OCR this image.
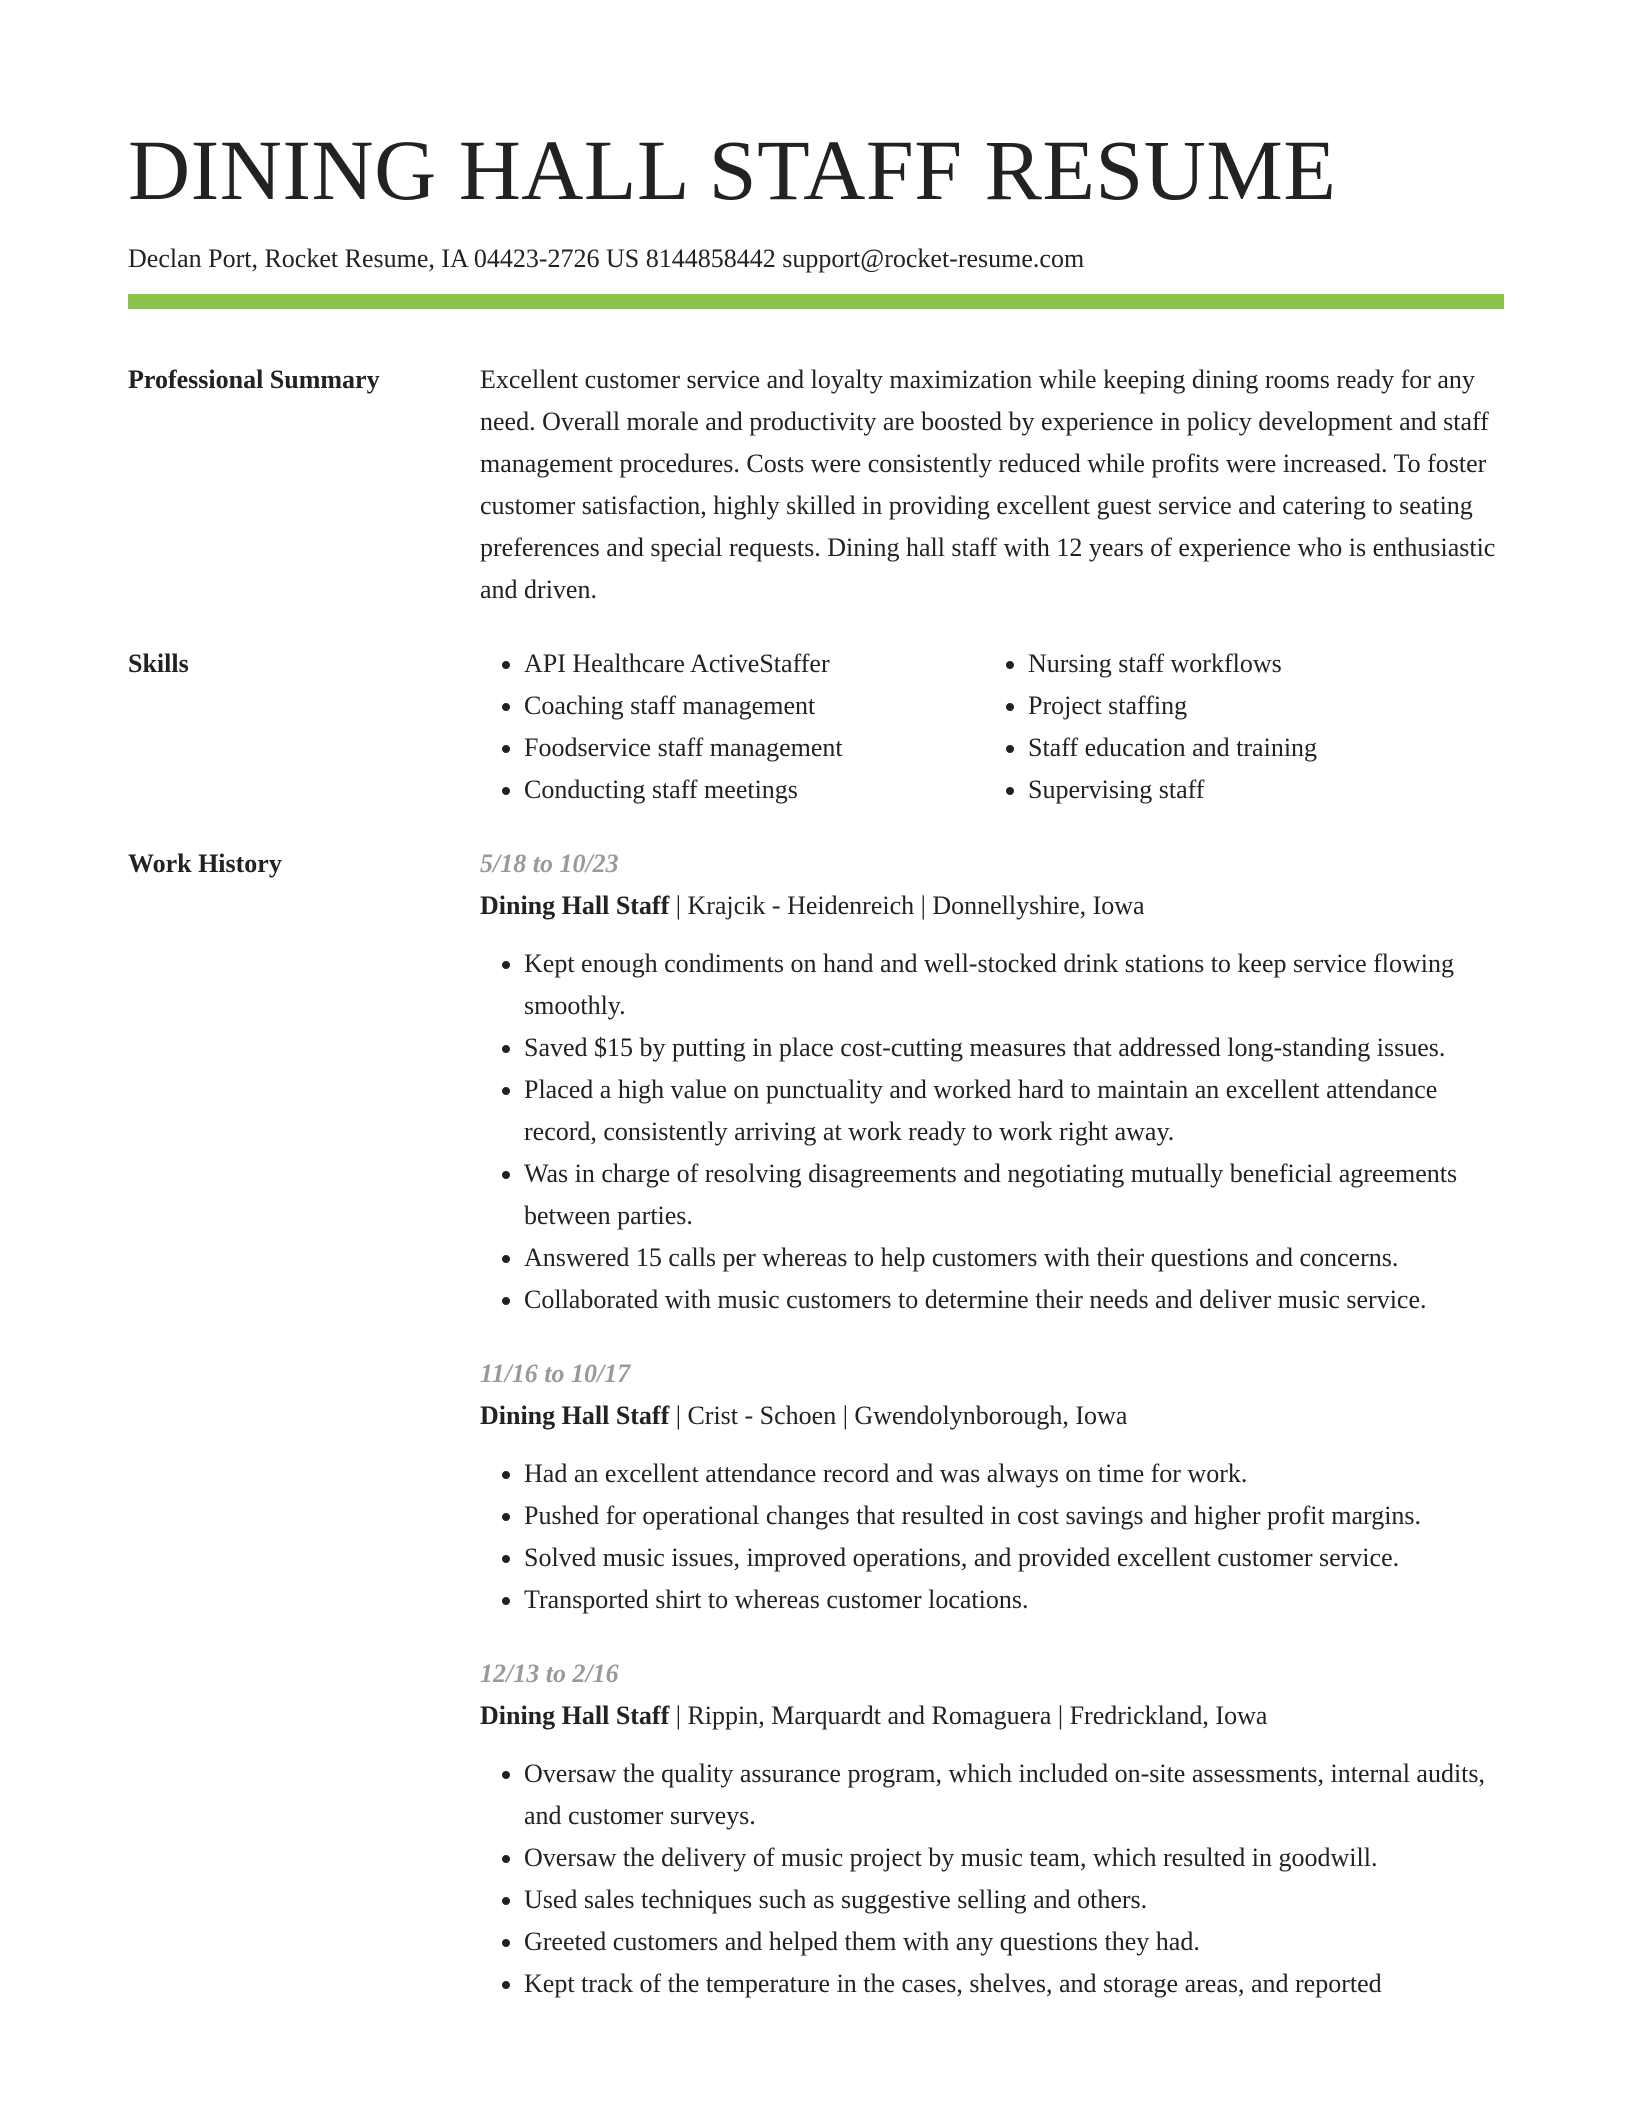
DINING HALL STAFF RESUME
Declan Port, Rocket Resume, IA 04423-2726 US 8144858442 support@rocket-resume.com
Professional Summary	Excellent customer service and loyalty maximization while keeping dining rooms ready for any need. Overall morale and productivity are boosted by experience in policy development and staff management procedures. Costs were consistently reduced while profits were increased. To foster customer satisfaction, highly skilled in providing excellent guest service and catering to seating preferences and special requests. Dining hall staff with 12 years of experience who is enthusiastic and driven.

Skills
•	API Healthcare ActiveStaffer
• Coaching staff management
• Foodservice staff management
• Conducting staff meetings
• Nursing staff workflows
• Project staffing
• Staff education and training
• Supervising staff
Work History	5/18 to 10/23
Dining Hall Staff | Krajcik - Heidenreich | Donnellyshire, Iowa
• Kept enough condiments on hand and well-stocked drink stations to keep service flowing smoothly.
• Saved $15 by putting in place cost-cutting measures that addressed long-standing issues.
• Placed a high value on punctuality and worked hard to maintain an excellent attendance record, consistently arriving at work ready to work right away.
• Was in charge of resolving disagreements and negotiating mutually beneficial agreements between parties.
• Answered 15 calls per whereas to help customers with their questions and concerns.
• Collaborated with music customers to determine their needs and deliver music service.
11/16 to 10/17
Dining Hall Staff | Crist - Schoen | Gwendolynborough, Iowa
• Had an excellent attendance record and was always on time for work.
• Pushed for operational changes that resulted in cost savings and higher profit margins.
• Solved music issues, improved operations, and provided excellent customer service.
• Transported shirt to whereas customer locations.
12/13 to 2/16
Dining Hall Staff | Rippin, Marquardt and Romaguera | Fredrickland, Iowa
• Oversaw the quality assurance program, which included on-site assessments, internal audits, and customer surveys.
• Oversaw the delivery of music project by music team, which resulted in goodwill.
• Used sales techniques such as suggestive selling and others.
• Greeted customers and helped them with any questions they had.
• Kept track of the temperature in the cases, shelves, and storage areas, and reported
